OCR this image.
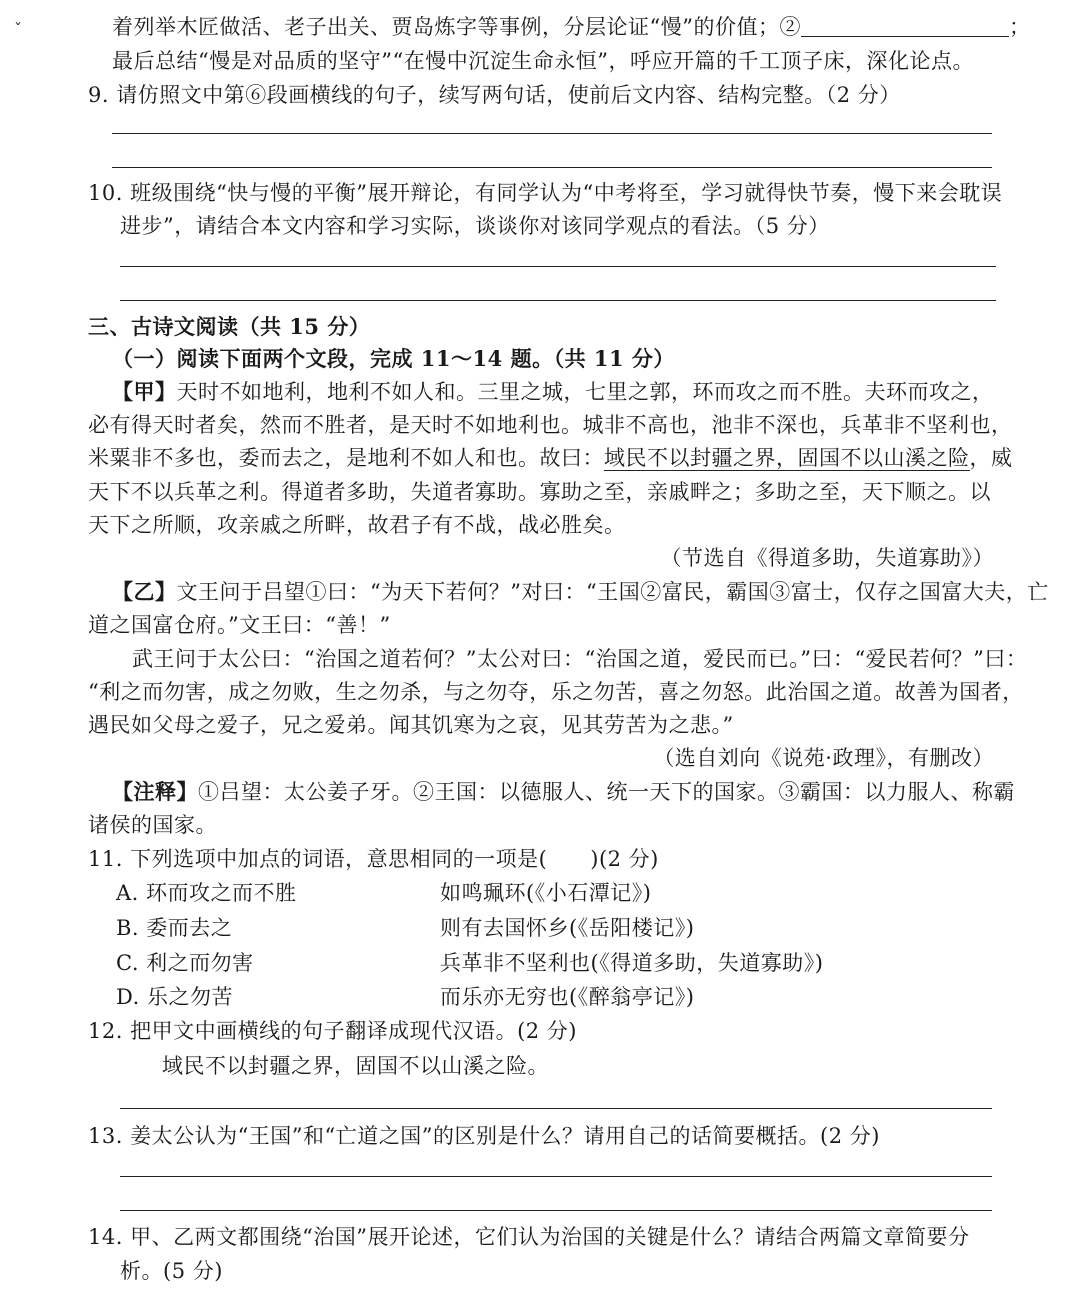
ˇ	着列举木匠做活、老子出关、贾岛炼字等事例，分层论证“慢”的价值；②	；
最后总结“慢是对品质的坚守”“在慢中沉淀生命永恒”，呼应开篇的千工顶子床，深化论点。
9. 请仿照文中第⑥段画横线的句子，续写两句话，使前后文内容、结构完整。（2 分）
10. 班级围绕“快与慢的平衡”展开辩论，有同学认为“中考将至，学习就得快节奏，慢下来会耽误
进步”，请结合本文内容和学习实际，谈谈你对该同学观点的看法。（5 分）
三、古诗文阅读（共 15 分）
（一）阅读下面两个文段，完成 11～14 题。（共 11 分）
【甲】天时不如地利，地利不如人和。三里之城，七里之郭，环而攻之而不胜。夫环而攻之，
必有得天时者矣，然而不胜者，是天时不如地利也。城非不高也，池非不深也，兵革非不坚利也，
米粟非不多也，委而去之，是地利不如人和也。故曰：域民不以封疆之界，固国不以山溪之险，威
天下不以兵革之利。得道者多助，失道者寡助。寡助之至，亲戚畔之；多助之至，天下顺之。以
天下之所顺，攻亲戚之所畔，故君子有不战，战必胜矣。
（节选自《得道多助，失道寡助》）
【乙】文王问于吕望①曰：“为天下若何？”对曰：“王国②富民，霸国③富士，仅存之国富大夫，亡
道之国富仓府。”文王曰：“善！”
武王问于太公曰：“治国之道若何？”太公对曰：“治国之道，爱民而已。”曰：“爱民若何？”曰：
“利之而勿害，成之勿败，生之勿杀，与之勿夺，乐之勿苦，喜之勿怒。此治国之道。故善为国者，
遇民如父母之爱子，兄之爱弟。闻其饥寒为之哀，见其劳苦为之悲。”
（选自刘向《说苑·政理》，有删改）
【注释】①吕望：太公姜子牙。②王国：以德服人、统一天下的国家。③霸国：以力服人、称霸
诸侯的国家。
11. 下列选项中加点的词语，意思相同的一项是(　　)(2 分)
A. 环而攻之而不胜	如鸣珮环(《小石潭记》)
B. 委而去之	则有去国怀乡(《岳阳楼记》)
C. 利之而勿害	兵革非不坚利也(《得道多助，失道寡助》)
D. 乐之勿苦	而乐亦无穷也(《醉翁亭记》)
12. 把甲文中画横线的句子翻译成现代汉语。(2 分)
域民不以封疆之界，固国不以山溪之险。
13. 姜太公认为“王国”和“亡道之国”的区别是什么？请用自己的话简要概括。(2 分)
14. 甲、乙两文都围绕“治国”展开论述，它们认为治国的关键是什么？请结合两篇文章简要分
析。(5 分)
